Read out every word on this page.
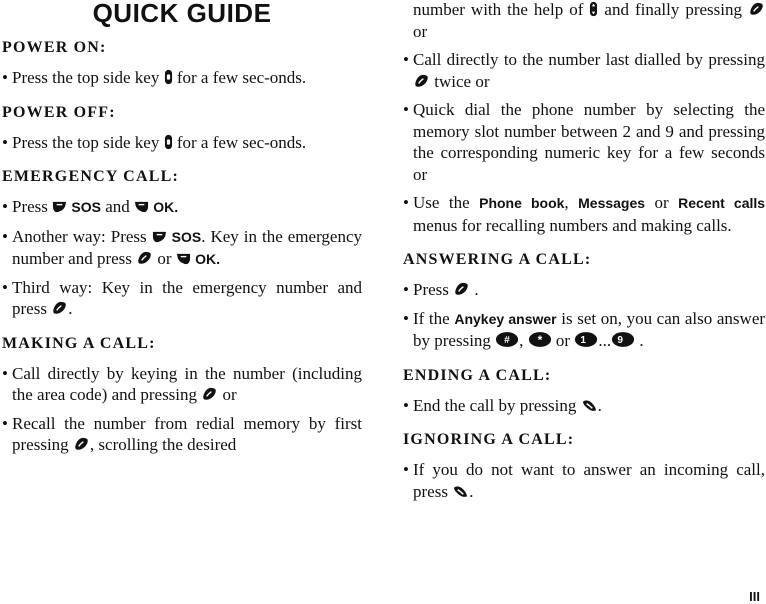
QUICK GUIDE

POWER ON:

• Press the top side key for a few sec-onds.

POWER OFF:

• Press the top side key for a few sec-onds.

EMERGENCY CALL:

• Press SOS and OK.

• Another way: Press SOS. Key in the emergency number and press or OK.

• Third way: Key in the emergency number and press .

MAKING A CALL:

• Call directly by keying in the number (including the area code) and pressing or

• Recall the number from redial memory by first pressing , scrolling the desired

number with the help of and finally pressing
or

• Call directly to the number last dialled by pressing
twice or

• Quick dial the phone number by selecting the memory slot number between 2 and 9 and pressing the corresponding numeric key for a few seconds or

• Use the Phone book, Messages or Recent calls menus for recalling numbers and making calls.

ANSWERING A CALL:

• Press .

• If the Anykey answer is set on, you can also answer by pressing # , * or 1 ... 9 .

ENDING A CALL:

• End the call by pressing .

IGNORING A CALL:

• If you do not want to answer an incoming call, press .

III
